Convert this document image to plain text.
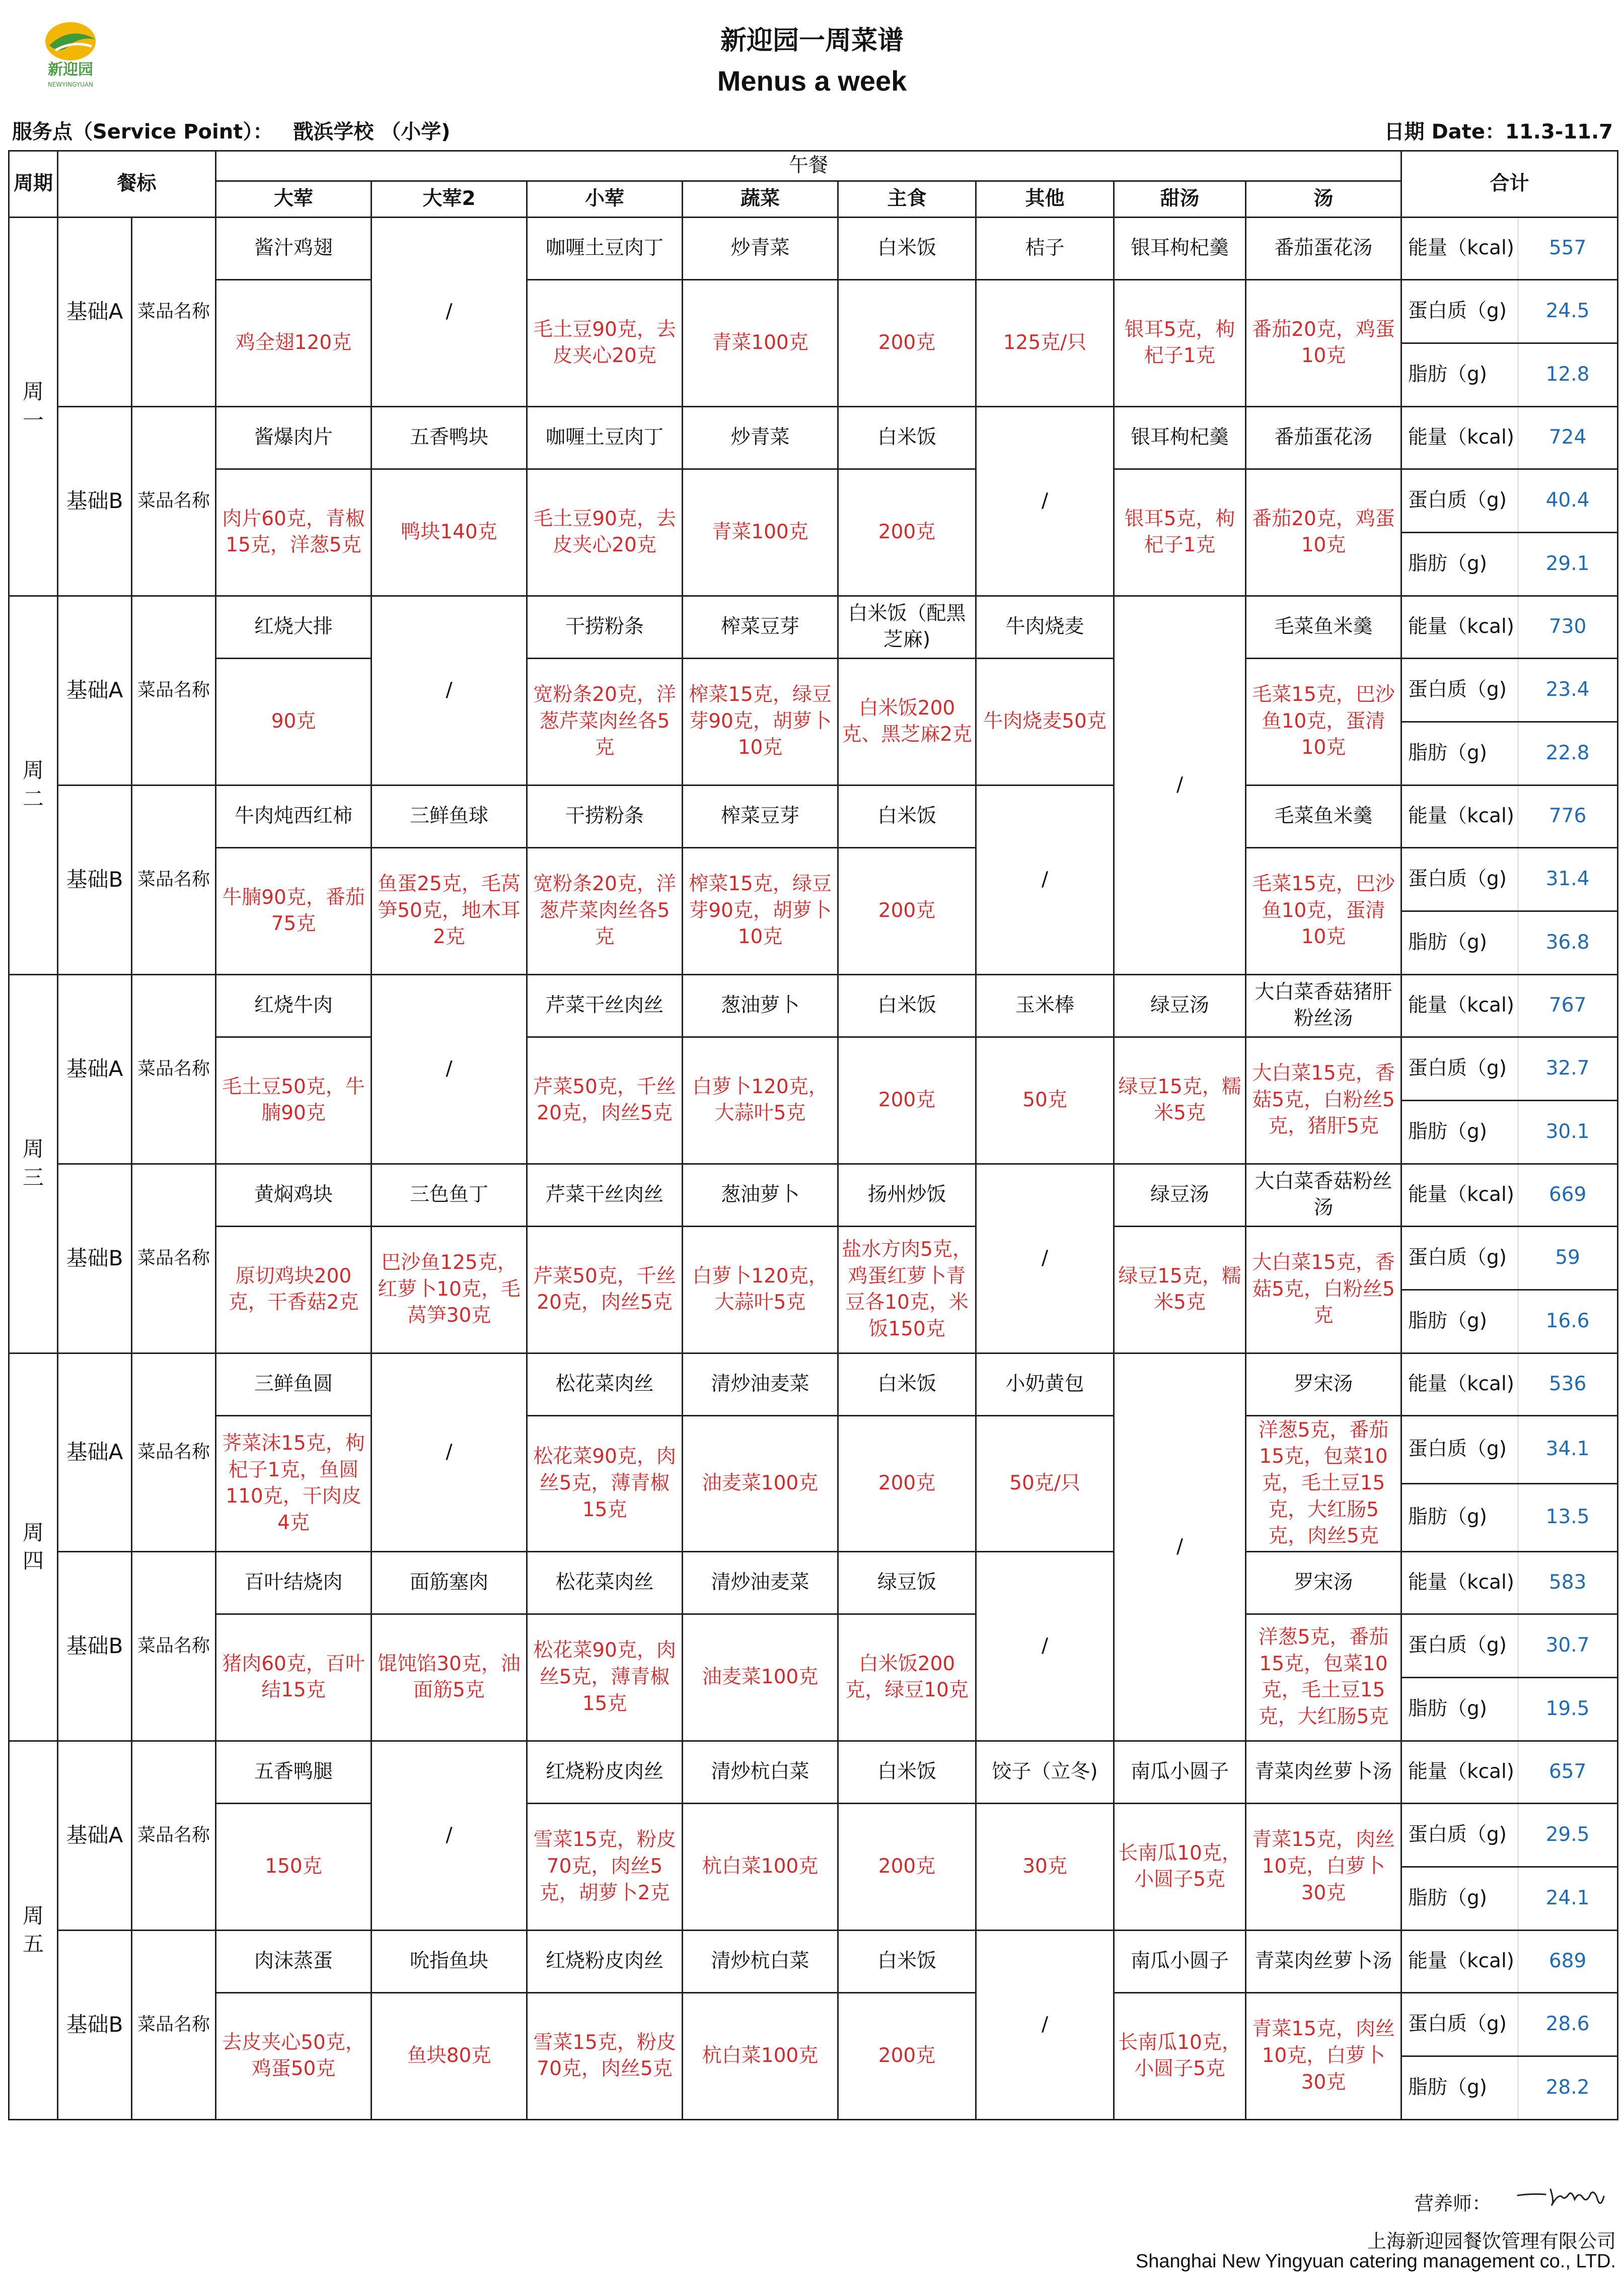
新迎园
NEWYINGYUAN
新迎园一周菜谱
Menus a week
服务点（Service Point）： 戬浜学校 （小学)	日期 Date：11.3-11.7
周期	餐标		午餐								合计	
			大荤	大荤2	小荤	蔬菜	主食	其他	甜汤	汤		
周一	基础A	菜品名称	酱汁鸡翅	/	咖喱土豆肉丁	炒青菜	白米饭	桔子	银耳枸杞羹	番茄蛋花汤	能量（kcal)	557
			鸡全翅120克		毛土豆90克，去皮夹心20克	青菜100克	200克	125克/只	银耳5克，枸杞子1克	番茄20克，鸡蛋10克	蛋白质（g)	24.5
											脂肪（g)	12.8
	基础B	菜品名称	酱爆肉片	五香鸭块	咖喱土豆肉丁	炒青菜	白米饭	/	银耳枸杞羹	番茄蛋花汤	能量（kcal)	724
			肉片60克，青椒15克，洋葱5克	鸭块140克	毛土豆90克，去皮夹心20克	青菜100克	200克		银耳5克，枸杞子1克	番茄20克，鸡蛋10克	蛋白质（g)	40.4
											脂肪（g)	29.1
周二	基础A	菜品名称	红烧大排	/	干捞粉条	榨菜豆芽	白米饭（配黑芝麻)	牛肉烧麦	/	毛菜鱼米羹	能量（kcal)	730
			90克		宽粉条20克，洋葱芹菜肉丝各5克	榨菜15克，绿豆芽90克，胡萝卜10克	白米饭200克、黑芝麻2克	牛肉烧麦50克		毛菜15克，巴沙鱼10克，蛋清10克	蛋白质（g)	23.4
											脂肪（g)	22.8
	基础B	菜品名称	牛肉炖西红柿	三鲜鱼球	干捞粉条	榨菜豆芽	白米饭	/		毛菜鱼米羹	能量（kcal)	776
			牛腩90克，番茄75克	鱼蛋25克，毛莴笋50克，地木耳2克	宽粉条20克，洋葱芹菜肉丝各5克	榨菜15克，绿豆芽90克，胡萝卜10克	200克			毛菜15克，巴沙鱼10克，蛋清10克	蛋白质（g)	31.4
											脂肪（g)	36.8
周三	基础A	菜品名称	红烧牛肉	/	芹菜干丝肉丝	葱油萝卜	白米饭	玉米棒	绿豆汤	大白菜香菇猪肝粉丝汤	能量（kcal)	767
			毛土豆50克，牛腩90克		芹菜50克，千丝20克，肉丝5克	白萝卜120克，大蒜叶5克	200克	50克	绿豆15克，糯米5克	大白菜15克，香菇5克，白粉丝5克，猪肝5克	蛋白质（g)	32.7
											脂肪（g)	30.1
	基础B	菜品名称	黄焖鸡块	三色鱼丁	芹菜干丝肉丝	葱油萝卜	扬州炒饭	/	绿豆汤	大白菜香菇粉丝汤	能量（kcal)	669
			原切鸡块200克，干香菇2克	巴沙鱼125克，红萝卜10克，毛莴笋30克	芹菜50克，千丝20克，肉丝5克	白萝卜120克，大蒜叶5克	盐水方肉5克，鸡蛋红萝卜青豆各10克，米饭150克		绿豆15克，糯米5克	大白菜15克，香菇5克，白粉丝5克	蛋白质（g)	59
											脂肪（g)	16.6
周四	基础A	菜品名称	三鲜鱼圆	/	松花菜肉丝	清炒油麦菜	白米饭	小奶黄包	/	罗宋汤	能量（kcal)	536
			荠菜沫15克，枸杞子1克，鱼圆110克，干肉皮4克		松花菜90克，肉丝5克，薄青椒15克	油麦菜100克	200克	50克/只		洋葱5克，番茄15克，包菜10克，毛土豆15克，大红肠5克，肉丝5克	蛋白质（g)	34.1
											脂肪（g)	13.5
	基础B	菜品名称	百叶结烧肉	面筋塞肉	松花菜肉丝	清炒油麦菜	绿豆饭	/		罗宋汤	能量（kcal)	583
			猪肉60克，百叶结15克	馄饨馅30克，油面筋5克	松花菜90克，肉丝5克，薄青椒15克	油麦菜100克	白米饭200克，绿豆10克			洋葱5克，番茄15克，包菜10克，毛土豆15克，大红肠5克	蛋白质（g)	30.7
											脂肪（g)	19.5
周五	基础A	菜品名称	五香鸭腿	/	红烧粉皮肉丝	清炒杭白菜	白米饭	饺子（立冬)	南瓜小圆子	青菜肉丝萝卜汤	能量（kcal)	657
			150克		雪菜15克，粉皮70克，肉丝5克，胡萝卜2克	杭白菜100克	200克	30克	长南瓜10克，小圆子5克	青菜15克，肉丝10克，白萝卜30克	蛋白质（g)	29.5
											脂肪（g)	24.1
	基础B	菜品名称	肉沫蒸蛋	吮指鱼块	红烧粉皮肉丝	清炒杭白菜	白米饭	/	南瓜小圆子	青菜肉丝萝卜汤	能量（kcal)	689
			去皮夹心50克，鸡蛋50克	鱼块80克	雪菜15克，粉皮70克，肉丝5克	杭白菜100克	200克		长南瓜10克，小圆子5克	青菜15克，肉丝10克，白萝卜30克	蛋白质（g)	28.6
											脂肪（g)	28.2
营养师：
上海新迎园餐饮管理有限公司
Shanghai New Yingyuan catering management co., LTD.
